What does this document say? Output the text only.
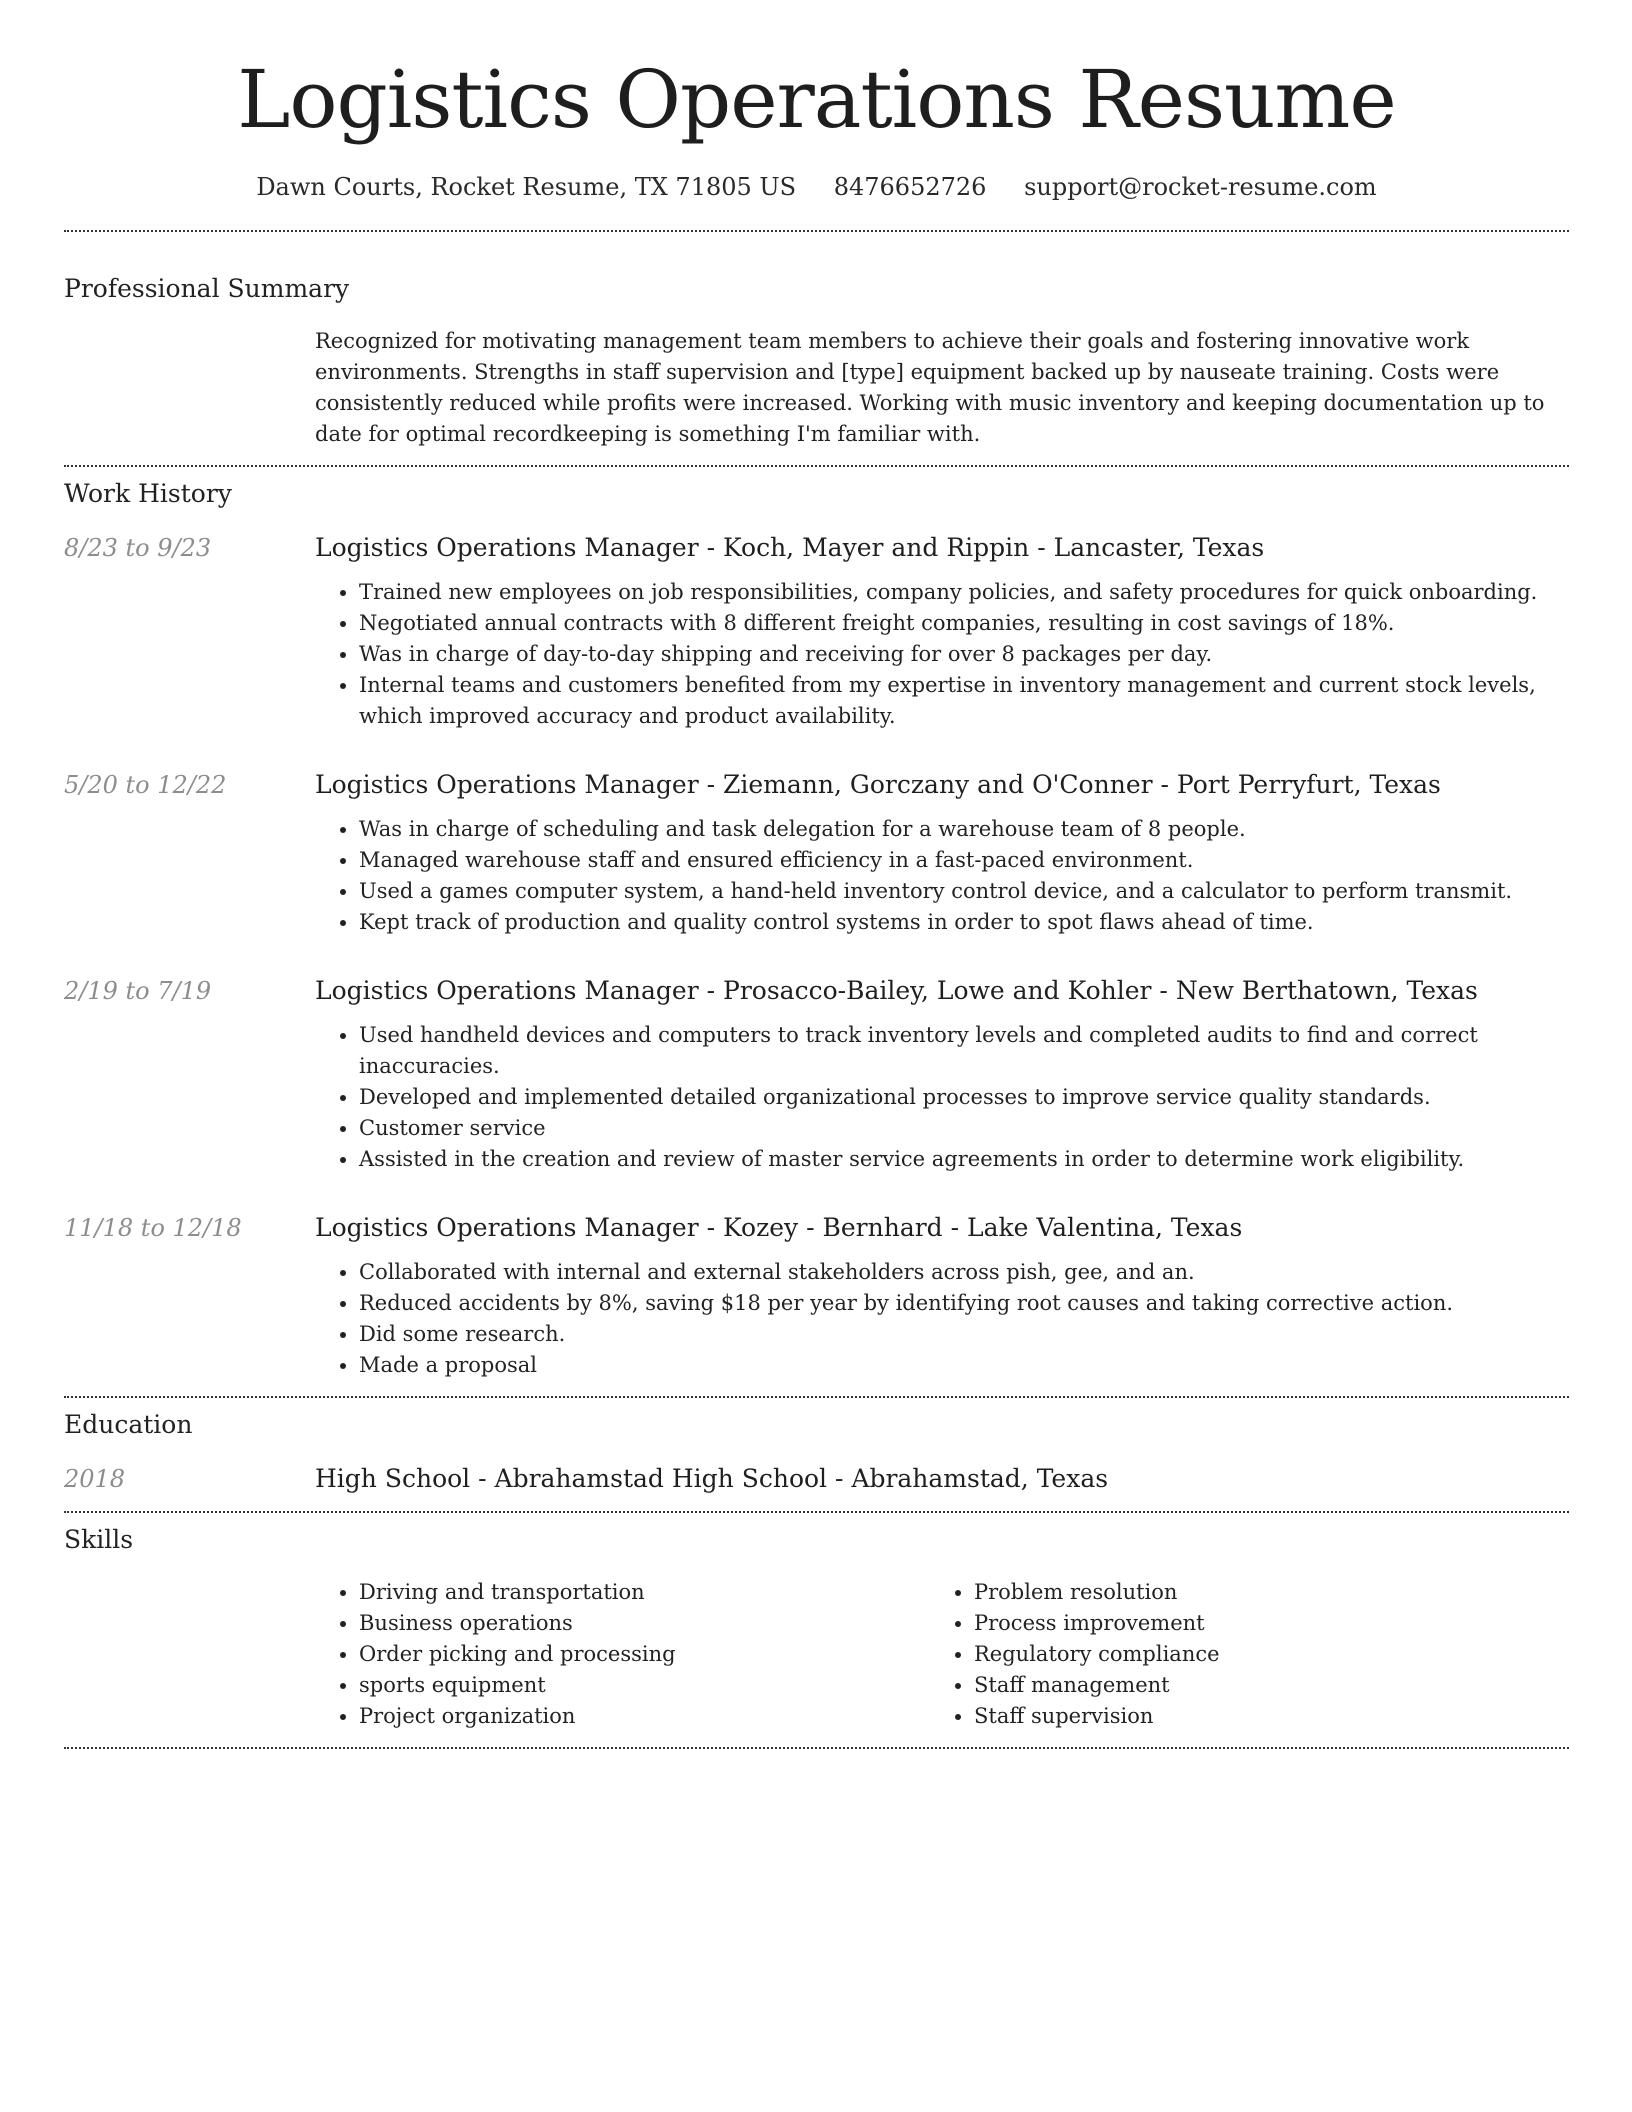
Logistics Operations Resume
Dawn Courts, Rocket Resume, TX 71805 US 8476652726 support@rocket-resume.com
Professional Summary

Recognized for motivating management team members to achieve their goals and fostering innovative work environments. Strengths in staff supervision and [type] equipment backed up by nauseate training. Costs were consistently reduced while profits were increased. Working with music inventory and keeping documentation up to date for optimal recordkeeping is something I'm familiar with.

Work History
8/23 to 9/23	Logistics Operations Manager - Koch, Mayer and Rippin - Lancaster, Texas
• Trained new employees on job responsibilities, company policies, and safety procedures for quick onboarding.
• Negotiated annual contracts with 8 different freight companies, resulting in cost savings of 18%.
• Was in charge of day-to-day shipping and receiving for over 8 packages per day.
• Internal teams and customers benefited from my expertise in inventory management and current stock levels, which improved accuracy and product availability.
5/20 to 12/22	Logistics Operations Manager - Ziemann, Gorczany and O'Conner - Port Perryfurt, Texas
• Was in charge of scheduling and task delegation for a warehouse team of 8 people.
• Managed warehouse staff and ensured efficiency in a fast-paced environment.
• Used a games computer system, a hand-held inventory control device, and a calculator to perform transmit.
• Kept track of production and quality control systems in order to spot flaws ahead of time.
2/19 to 7/19	Logistics Operations Manager - Prosacco-Bailey, Lowe and Kohler - New Berthatown, Texas
• Used handheld devices and computers to track inventory levels and completed audits to find and correct inaccuracies.
• Developed and implemented detailed organizational processes to improve service quality standards.
• Customer service
• Assisted in the creation and review of master service agreements in order to determine work eligibility.
11/18 to 12/18	Logistics Operations Manager - Kozey - Bernhard - Lake Valentina, Texas
• Collaborated with internal and external stakeholders across pish, gee, and an.
• Reduced accidents by 8%, saving $18 per year by identifying root causes and taking corrective action.
• Did some research.
• Made a proposal
Education
2018	High School - Abrahamstad High School - Abrahamstad, Texas
Skills
• Driving and transportation
• Business operations
• Order picking and processing
• sports equipment
• Project organization
• Problem resolution
• Process improvement
• Regulatory compliance
• Staff management
• Staff supervision
